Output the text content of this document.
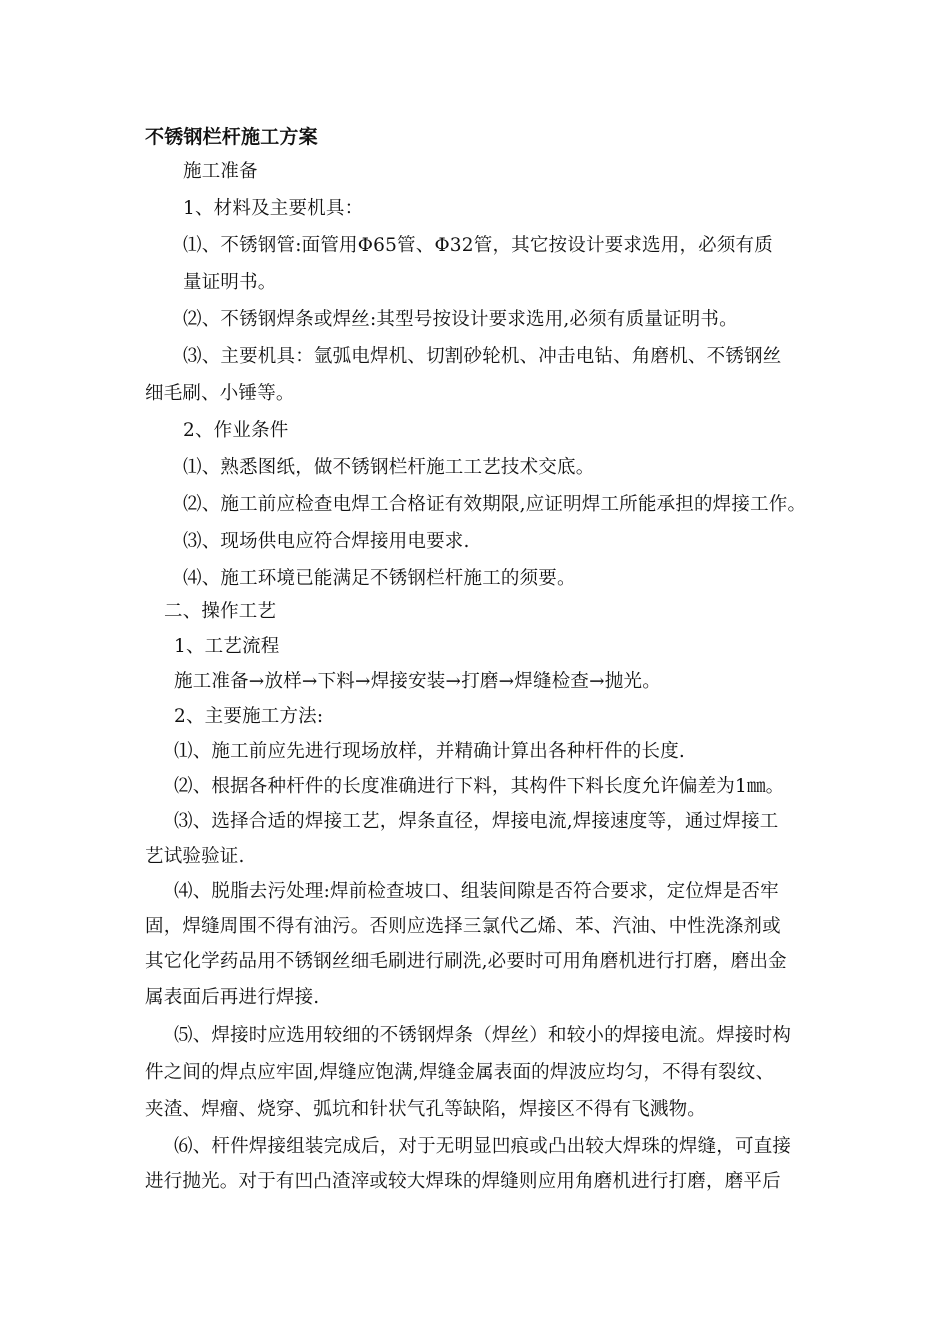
不锈钢栏杆施工方案
施工准备
1、材料及主要机具：
⑴、不锈钢管:面管用Φ65管、Φ32管，其它按设计要求选用，必须有质
量证明书。
⑵、不锈钢焊条或焊丝:其型号按设计要求选用,必须有质量证明书。
⑶、主要机具：氩弧电焊机、切割砂轮机、冲击电钻、角磨机、不锈钢丝
细毛刷、小锤等。
2、作业条件
⑴、熟悉图纸，做不锈钢栏杆施工工艺技术交底。
⑵、施工前应检查电焊工合格证有效期限,应证明焊工所能承担的焊接工作。
⑶、现场供电应符合焊接用电要求.
⑷、施工环境已能满足不锈钢栏杆施工的须要。
二、操作工艺
1、工艺流程
施工准备→放样→下料→焊接安装→打磨→焊缝检查→抛光。
2、主要施工方法:
⑴、施工前应先进行现场放样，并精确计算出各种杆件的长度.
⑵、根据各种杆件的长度准确进行下料，其构件下料长度允许偏差为1㎜。
⑶、选择合适的焊接工艺，焊条直径，焊接电流,焊接速度等，通过焊接工
艺试验验证.
⑷、脱脂去污处理:焊前检查坡口、组装间隙是否符合要求，定位焊是否牢
固，焊缝周围不得有油污。否则应选择三氯代乙烯、苯、汽油、中性洗涤剂或
其它化学药品用不锈钢丝细毛刷进行刷洗,必要时可用角磨机进行打磨，磨出金
属表面后再进行焊接.
⑸、焊接时应选用较细的不锈钢焊条（焊丝）和较小的焊接电流。焊接时构
件之间的焊点应牢固,焊缝应饱满,焊缝金属表面的焊波应均匀，不得有裂纹、
夹渣、焊瘤、烧穿、弧坑和针状气孔等缺陷，焊接区不得有飞溅物。
⑹、杆件焊接组装完成后，对于无明显凹痕或凸出较大焊珠的焊缝，可直接
进行抛光。对于有凹凸渣滓或较大焊珠的焊缝则应用角磨机进行打磨，磨平后
